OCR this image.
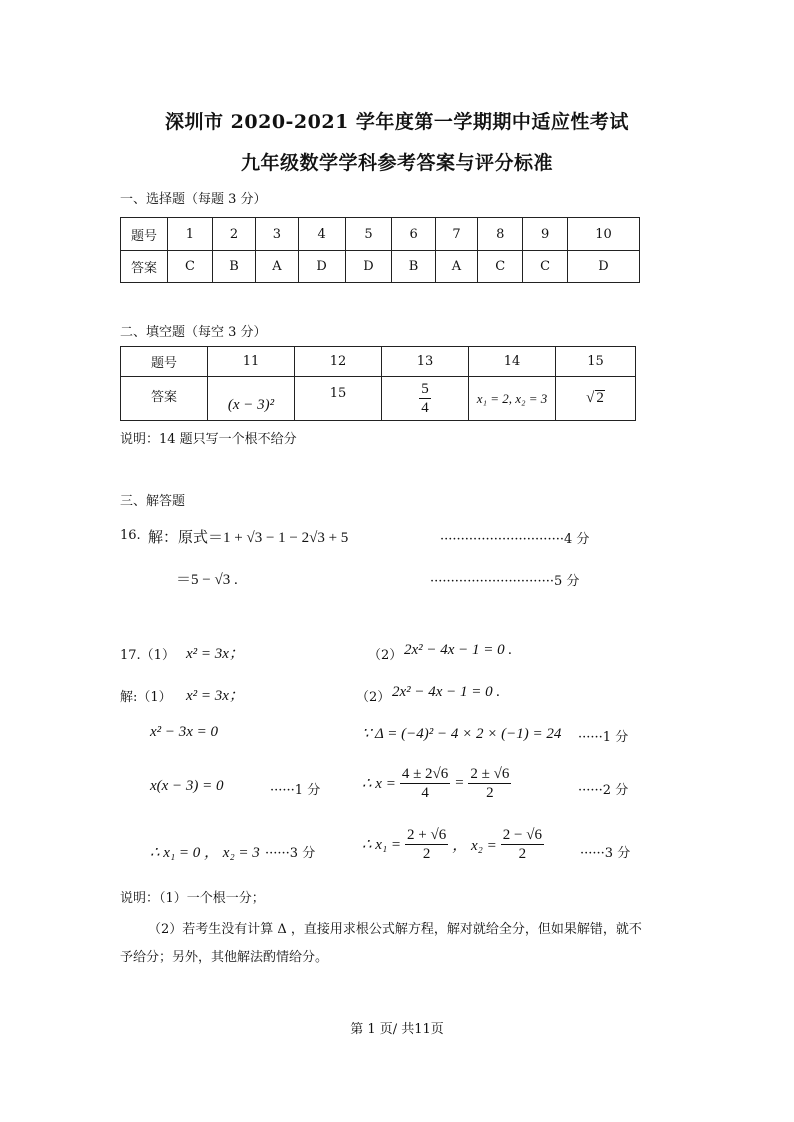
深圳市 2020-2021 学年度第一学期期中适应性考试
九年级数学学科参考答案与评分标准
一、选择题（每题 3 分）
题号	1	2	3	4	5	6	7	8	9	10
答案	C	B	A	D	D	B	A	C	C	D
二、填空题（每空 3 分）
题号	11	12	13	14	15
答案	(x − 3)²	15	$\frac{5}{4}$	x₁ = 2, x₂ = 3	√ 2
说明：14 题只写一个根不给分
三、解答题
16. 解：原式＝1 + √3 − 1 − 2√3 + 5	······························4 分
＝5 − √3 .	······························5 分
17.（1） x² = 3x；	（2） 2x² − 4x − 1 = 0 .
解:（1） x² = 3x；	（2） 2x² − 4x − 1 = 0 .
x² − 3x = 0
x(x − 3) = 0	······1 分
∴ x₁ = 0 ， x₂ = 3 ······3 分
∵ Δ = (−4)² − 4 × 2 × (−1) = 24 ······1 分
∴ $x = \frac{4 \pm 2√6}{4} = \frac{2 \pm √6}{2}$	······2 分
∴ $x_1 = \frac{2 + √6}{2}$ ， $x_2 = \frac{2 - √6}{2}$	······3 分
说明：（1）一个根一分；
（2）若考生没有计算 Δ ，直接用求根公式解方程，解对就给全分，但如果解错，就不
予给分；另外，其他解法酌情给分。
第 1 页/ 共11页
